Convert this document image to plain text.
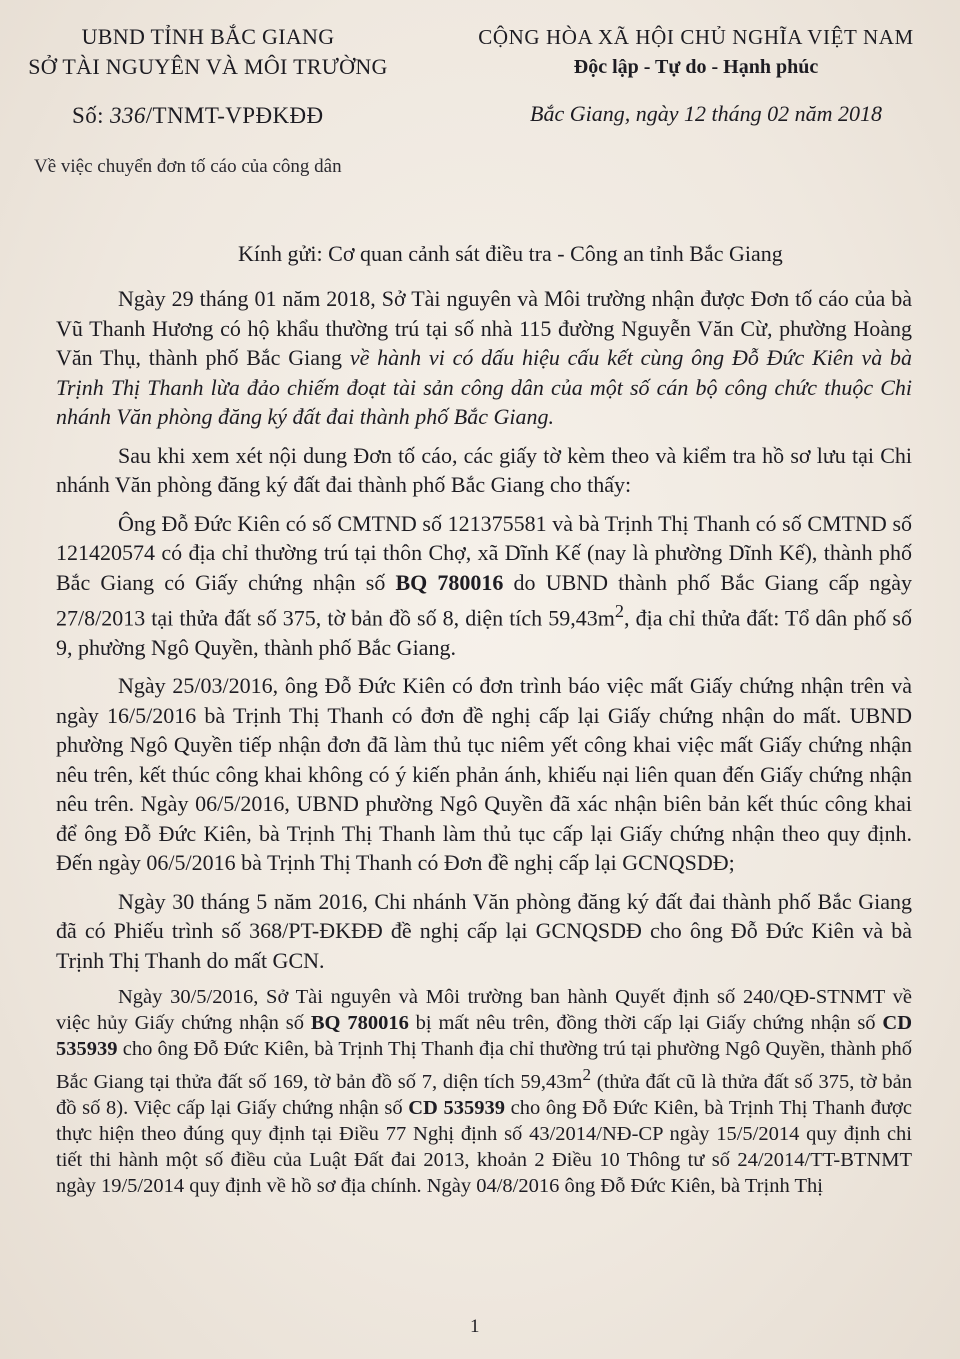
UBND TỈNH BẮC GIANG
SỞ TÀI NGUYÊN VÀ MÔI TRƯỜNG
CỘNG HÒA XÃ HỘI CHỦ NGHĨA VIỆT NAM
Độc lập - Tự do - Hạnh phúc
Số: 336/TNMT-VPĐKĐĐ	Bắc Giang, ngày 12 tháng 02 năm 2018
Về việc chuyển đơn tố cáo của công dân
Kính gửi: Cơ quan cảnh sát điều tra - Công an tỉnh Bắc Giang

Ngày 29 tháng 01 năm 2018, Sở Tài nguyên và Môi trường nhận được Đơn tố cáo của bà Vũ Thanh Hương có hộ khẩu thường trú tại số nhà 115 đường Nguyễn Văn Cừ, phường Hoàng Văn Thụ, thành phố Bắc Giang về hành vi có dấu hiệu cấu kết cùng ông Đỗ Đức Kiên và bà Trịnh Thị Thanh lừa đảo chiếm đoạt tài sản công dân của một số cán bộ công chức thuộc Chi nhánh Văn phòng đăng ký đất đai thành phố Bắc Giang.

Sau khi xem xét nội dung Đơn tố cáo, các giấy tờ kèm theo và kiểm tra hồ sơ lưu tại Chi nhánh Văn phòng đăng ký đất đai thành phố Bắc Giang cho thấy:

Ông Đỗ Đức Kiên có số CMTND số 121375581 và bà Trịnh Thị Thanh có số CMTND số 121420574 có địa chỉ thường trú tại thôn Chợ, xã Dĩnh Kế (nay là phường Dĩnh Kế), thành phố Bắc Giang có Giấy chứng nhận số BQ 780016 do UBND thành phố Bắc Giang cấp ngày 27/8/2013 tại thửa đất số 375, tờ bản đồ số 8, diện tích $59,43m^2$, địa chỉ thửa đất: Tổ dân phố số 9, phường Ngô Quyền, thành phố Bắc Giang.

Ngày 25/03/2016, ông Đỗ Đức Kiên có đơn trình báo việc mất Giấy chứng nhận trên và ngày 16/5/2016 bà Trịnh Thị Thanh có đơn đề nghị cấp lại Giấy chứng nhận do mất. UBND phường Ngô Quyền tiếp nhận đơn đã làm thủ tục niêm yết công khai việc mất Giấy chứng nhận nêu trên, kết thúc công khai không có ý kiến phản ánh, khiếu nại liên quan đến Giấy chứng nhận nêu trên. Ngày 06/5/2016, UBND phường Ngô Quyền đã xác nhận biên bản kết thúc công khai để ông Đỗ Đức Kiên, bà Trịnh Thị Thanh làm thủ tục cấp lại Giấy chứng nhận theo quy định. Đến ngày 06/5/2016 bà Trịnh Thị Thanh có Đơn đề nghị cấp lại GCNQSDĐ;

Ngày 30 tháng 5 năm 2016, Chi nhánh Văn phòng đăng ký đất đai thành phố Bắc Giang đã có Phiếu trình số 368/PT-ĐKĐĐ đề nghị cấp lại GCNQSDĐ cho ông Đỗ Đức Kiên và bà Trịnh Thị Thanh do mất GCN.

Ngày 30/5/2016, Sở Tài nguyên và Môi trường ban hành Quyết định số 240/QĐ-STNMT về việc hủy Giấy chứng nhận số BQ 780016 bị mất nêu trên, đồng thời cấp lại Giấy chứng nhận số CD 535939 cho ông Đỗ Đức Kiên, bà Trịnh Thị Thanh địa chỉ thường trú tại phường Ngô Quyền, thành phố Bắc Giang tại thửa đất số 169, tờ bản đồ số 7, diện tích $59,43m^2$ (thửa đất cũ là thửa đất số 375, tờ bản đồ số 8). Việc cấp lại Giấy chứng nhận số CD 535939 cho ông Đỗ Đức Kiên, bà Trịnh Thị Thanh được thực hiện theo đúng quy định tại Điều 77 Nghị định số 43/2014/NĐ-CP ngày 15/5/2014 quy định chi tiết thi hành một số điều của Luật Đất đai 2013, khoản 2 Điều 10 Thông tư số 24/2014/TT-BTNMT ngày 19/5/2014 quy định về hồ sơ địa chính. Ngày 04/8/2016 ông Đỗ Đức Kiên, bà Trịnh Thị

1
